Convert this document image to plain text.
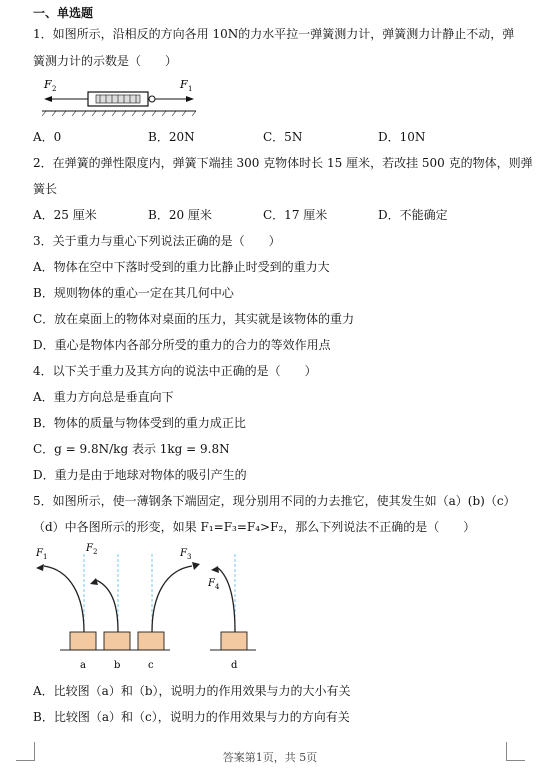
一、单选题
1．如图所示，沿相反的方向各用 10N的力水平拉一弹簧测力计，弹簧测力计静止不动，弹
簧测力计的示数是（　　）
F 2	F 1
A．0	B．20N	C．5N	D．10N
2．在弹簧的弹性限度内，弹簧下端挂 300 克物体时长 15 厘米，若改挂 500 克的物体，则弹
簧长
A．25 厘米	B．20 厘米	C．17 厘米	D．不能确定
3．关于重力与重心下列说法正确的是（　　）
A．物体在空中下落时受到的重力比静止时受到的重力大
B．规则物体的重心一定在其几何中心
C．放在桌面上的物体对桌面的压力，其实就是该物体的重力
D．重心是物体内各部分所受的重力的合力的等效作用点
4．以下关于重力及其方向的说法中正确的是（　　）
A．重力方向总是垂直向下
B．物体的质量与物体受到的重力成正比
C．g = 9.8N/kg 表示 1kg = 9.8N
D．重力是由于地球对物体的吸引产生的
5．如图所示，使一薄钢条下端固定，现分别用不同的力去推它，使其发生如（a）(b)（c）
（d）中各图所示的形变，如果 F₁=F₃=F₄>F₂，那么下列说法不正确的是（　　）
F 1
F 2	F 3
F 4
a	b	c	d
A．比较图（a）和（b），说明力的作用效果与力的大小有关
B．比较图（a）和（c），说明力的作用效果与力的方向有关
答案第1页，共 5页
